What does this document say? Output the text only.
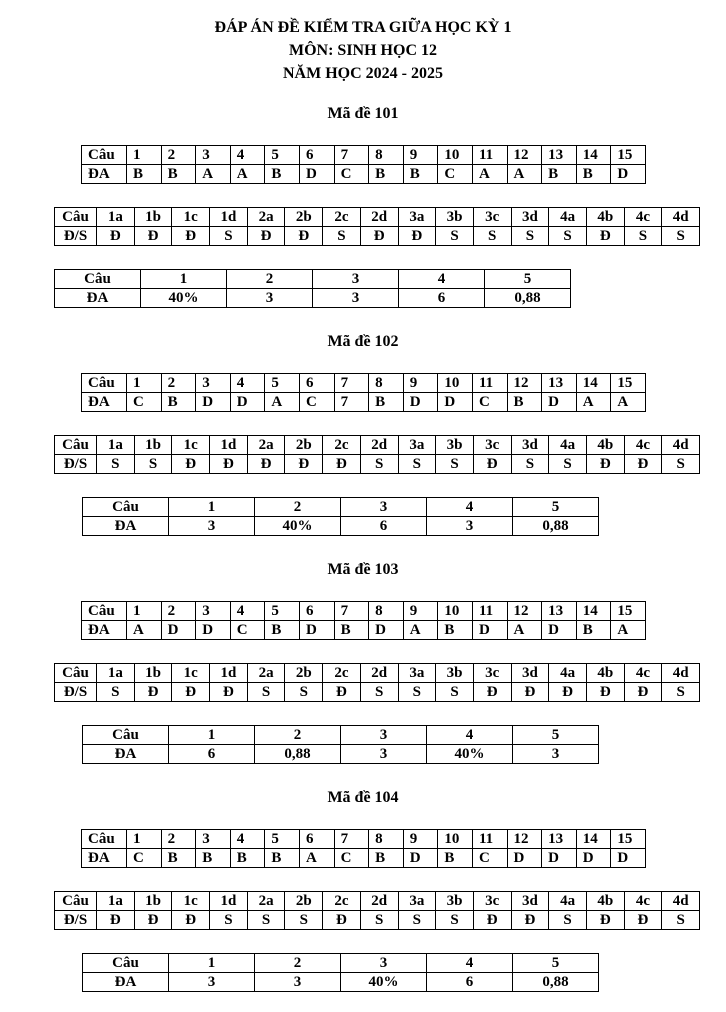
ĐÁP ÁN ĐỀ KIỂM TRA GIỮA HỌC KỲ 1
MÔN: SINH HỌC 12
NĂM HỌC 2024 - 2025
Mã đề 101
Câu	1	2	3	4	5	6	7	8	9	10	11	12	13	14	15
ĐA	B	B	A	A	B	D	C	B	B	C	A	A	B	B	D
Câu	1a	1b	1c	1d	2a	2b	2c	2d	3a	3b	3c	3d	4a	4b	4c	4d
Đ/S	Đ	Đ	Đ	S	Đ	Đ	S	Đ	Đ	S	S	S	S	Đ	S	S
Câu	1	2	3	4	5
ĐA	40%	3	3	6	0,88
Mã đề 102
Câu	1	2	3	4	5	6	7	8	9	10	11	12	13	14	15
ĐA	C	B	D	D	A	C	7	B	D	D	C	B	D	A	A
Câu	1a	1b	1c	1d	2a	2b	2c	2d	3a	3b	3c	3d	4a	4b	4c	4d
Đ/S	S	S	Đ	Đ	Đ	Đ	Đ	S	S	S	Đ	S	S	Đ	Đ	S
Câu	1	2	3	4	5
ĐA	3	40%	6	3	0,88
Mã đề 103
Câu	1	2	3	4	5	6	7	8	9	10	11	12	13	14	15
ĐA	A	D	D	C	B	D	B	D	A	B	D	A	D	B	A
Câu	1a	1b	1c	1d	2a	2b	2c	2d	3a	3b	3c	3d	4a	4b	4c	4d
Đ/S	S	Đ	Đ	Đ	S	S	Đ	S	S	S	Đ	Đ	Đ	Đ	Đ	S
Câu	1	2	3	4	5
ĐA	6	0,88	3	40%	3
Mã đề 104
Câu	1	2	3	4	5	6	7	8	9	10	11	12	13	14	15
ĐA	C	B	B	B	B	A	C	B	D	B	C	D	D	D	D
Câu	1a	1b	1c	1d	2a	2b	2c	2d	3a	3b	3c	3d	4a	4b	4c	4d
Đ/S	Đ	Đ	Đ	S	S	S	Đ	S	S	S	Đ	Đ	S	Đ	Đ	S
Câu	1	2	3	4	5
ĐA	3	3	40%	6	0,88
